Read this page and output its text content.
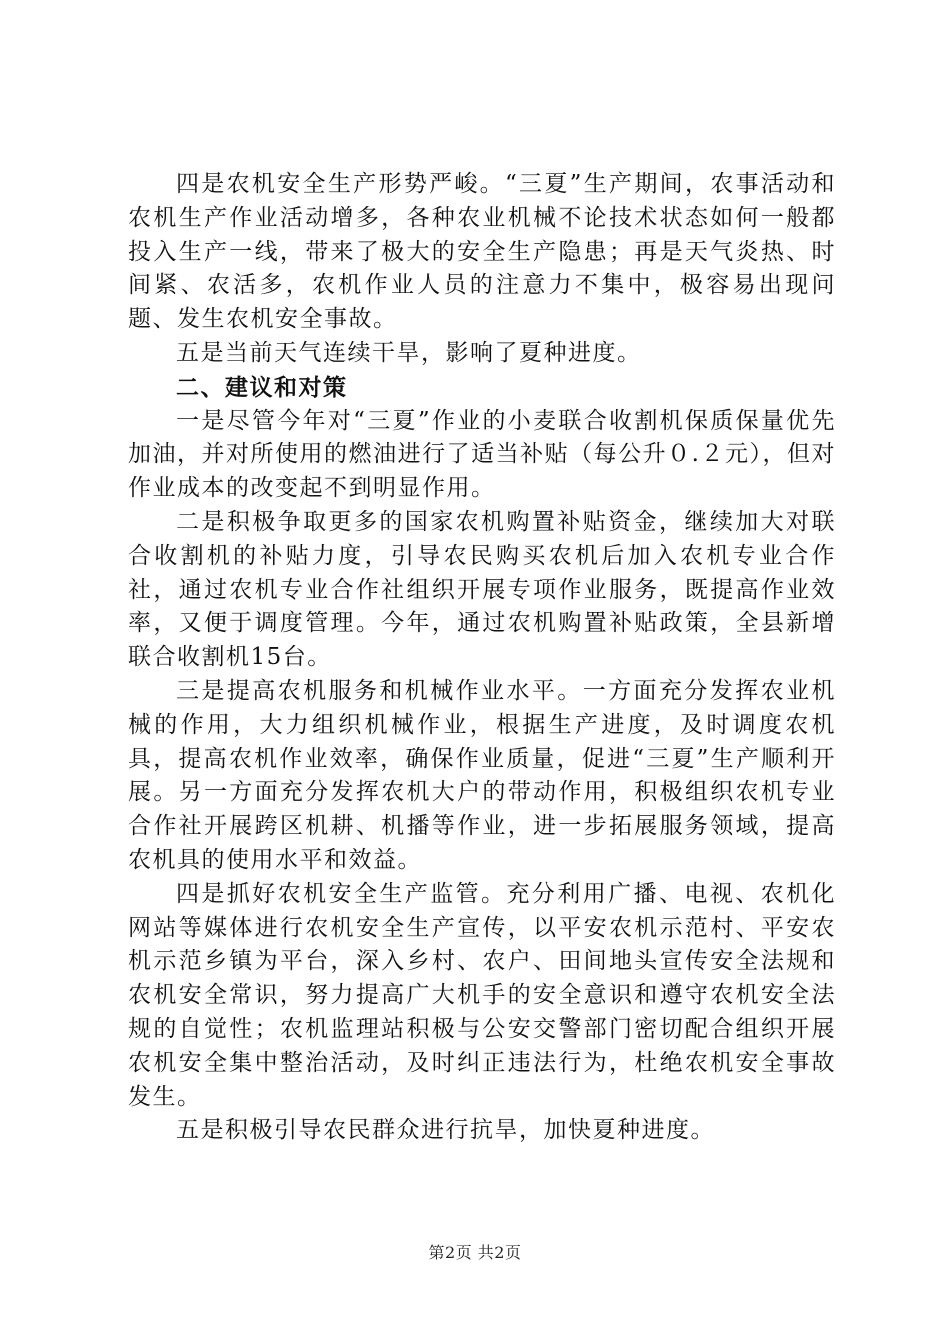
四是农机安全生产形势严峻。“三夏”生产期间，农事活动和农机生产作业活动增多，各种农业机械不论技术状态如何一般都投入生产一线，带来了极大的安全生产隐患；再是天气炎热、时间紧、农活多，农机作业人员的注意力不集中，极容易出现问题、发生农机安全事故。

五是当前天气连续干旱，影响了夏种进度。

二、建议和对策

一是尽管今年对“三夏”作业的小麦联合收割机保质保量优先加油，并对所使用的燃油进行了适当补贴（每公升０.２元），但对作业成本的改变起不到明显作用。

二是积极争取更多的国家农机购置补贴资金，继续加大对联合收割机的补贴力度，引导农民购买农机后加入农机专业合作社，通过农机专业合作社组织开展专项作业服务，既提高作业效率，又便于调度管理。今年，通过农机购置补贴政策，全县新增联合收割机15台。

三是提高农机服务和机械作业水平。一方面充分发挥农业机械的作用，大力组织机械作业，根据生产进度，及时调度农机具，提高农机作业效率，确保作业质量，促进“三夏”生产顺利开展。另一方面充分发挥农机大户的带动作用，积极组织农机专业合作社开展跨区机耕、机播等作业，进一步拓展服务领域，提高农机具的使用水平和效益。

四是抓好农机安全生产监管。充分利用广播、电视、农机化网站等媒体进行农机安全生产宣传，以平安农机示范村、平安农机示范乡镇为平台，深入乡村、农户、田间地头宣传安全法规和农机安全常识，努力提高广大机手的安全意识和遵守农机安全法规的自觉性；农机监理站积极与公安交警部门密切配合组织开展农机安全集中整治活动，及时纠正违法行为，杜绝农机安全事故发生。

五是积极引导农民群众进行抗旱，加快夏种进度。

第2页 共2页
